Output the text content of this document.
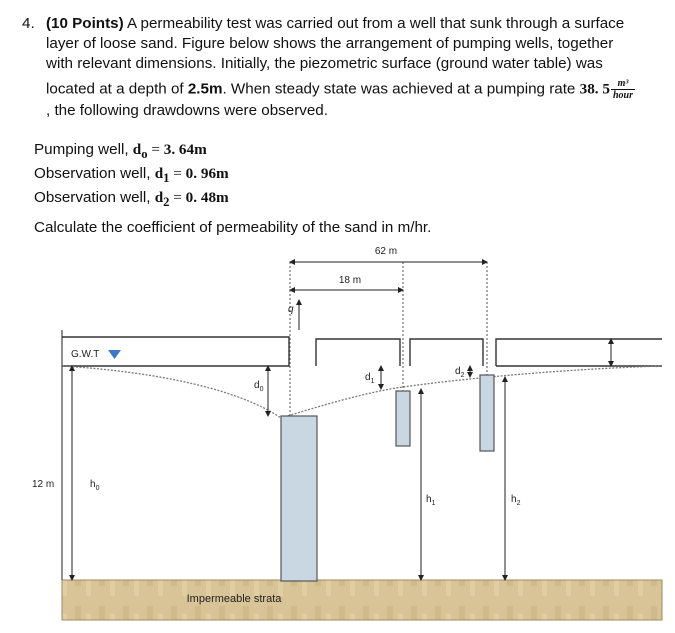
4. (10 Points) A permeability test was carried out from a well that sunk through a surface
layer of loose sand. Figure below shows the arrangement of pumping wells, together
with relevant dimensions. Initially, the piezometric surface (ground water table) was
located at a depth of 2.5m. When steady state was achieved at a pumping rate 38. $5 \frac{\text{m³}}{\text{hour}}$
, the following drawdowns were observed.
Pumping well, $d_o = 3$. 64m
Observation well, $d_1 = 0$. 96m
Observation well, $d_2 = 0$. 48m
Calculate the coefficient of permeability of the sand in m/hr.
Impermeable strata
62 m
18 m
q
G.W.T
$d_0$
$d_1$
$d_2$
12 m	$h_0$
$h_1$	$h_2$
